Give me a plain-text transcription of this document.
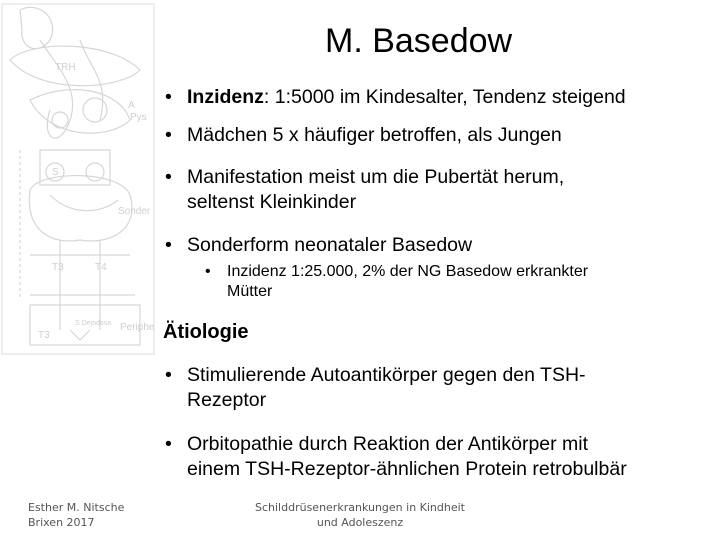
TRH
A
Pys
S
Sonder
T3	T4
T3
Periphe
S Dejodasa
M. Basedow
• Inzidenz: 1:5000 im Kindesalter, Tendenz steigend
• Mädchen 5 x häufiger betroffen, als Jungen
• Manifestation meist um die Pubertät herum,
seltenst Kleinkinder
• Sonderform neonataler Basedow
• Inzidenz 1:25.000, 2% der NG Basedow erkrankter
Mütter
Ätiologie
• Stimulierende Autoantikörper gegen den TSH-
Rezeptor
• Orbitopathie durch Reaktion der Antikörper mit
einem TSH-Rezeptor-ähnlichen Protein retrobulbär
Esther M. Nitsche
Brixen 2017
Schilddrüsenerkrankungen in Kindheit
und Adoleszenz
